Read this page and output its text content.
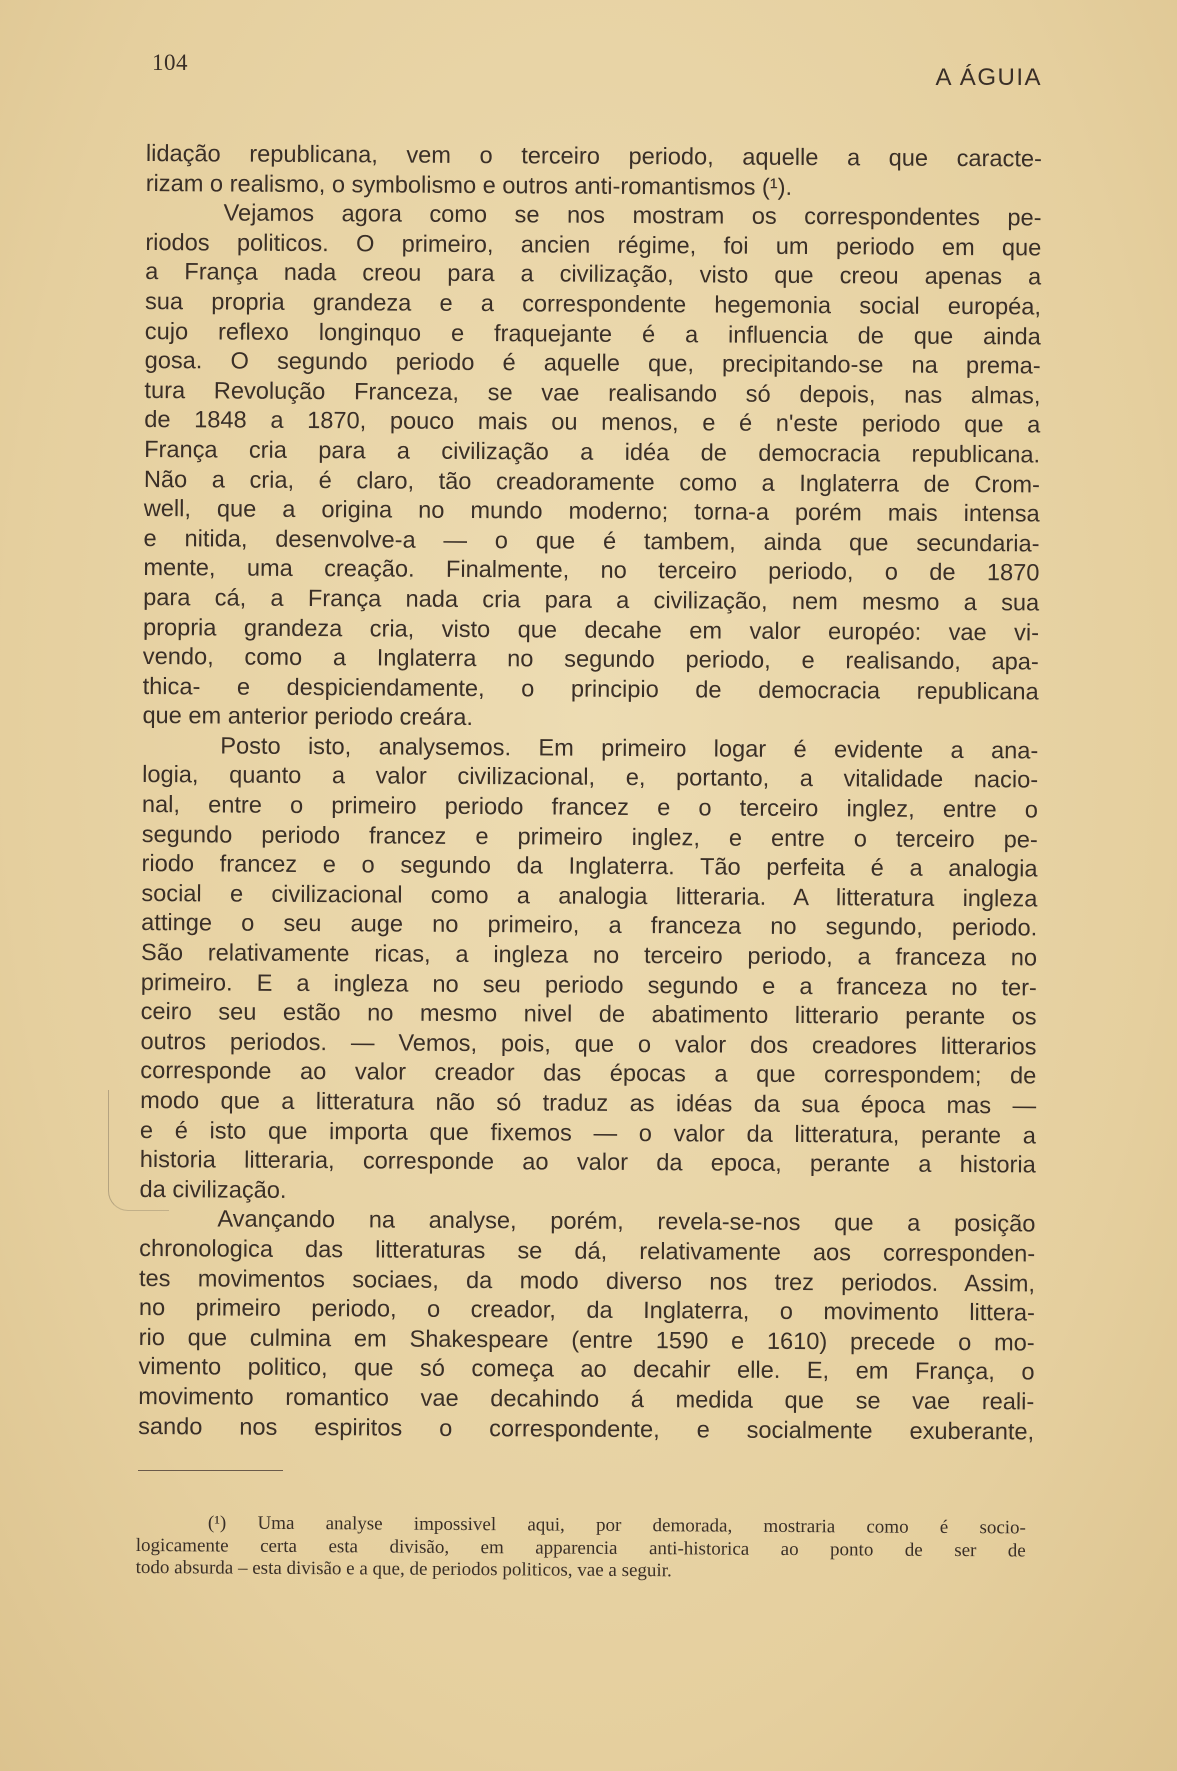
104
A ÁGUIA
lidação republicana, vem o terceiro periodo, aquelle a que caracte-
rizam o realismo, o symbolismo e outros anti-romantismos (¹).
Vejamos agora como se nos mostram os correspondentes pe-
riodos politicos. O primeiro, ancien régime, foi um periodo em que
a França nada creou para a civilização, visto que creou apenas a
sua propria grandeza e a correspondente hegemonia social européa,
cujo reflexo longinquo e fraquejante é a influencia de que ainda
gosa. O segundo periodo é aquelle que, precipitando-se na prema-
tura Revolução Franceza, se vae realisando só depois, nas almas,
de 1848 a 1870, pouco mais ou menos, e é n'este periodo que a
França cria para a civilização a idéa de democracia republicana.
Não a cria, é claro, tão creadoramente como a Inglaterra de Crom-
well, que a origina no mundo moderno; torna-a porém mais intensa
e nitida, desenvolve-a — o que é tambem, ainda que secundaria-
mente, uma creação. Finalmente, no terceiro periodo, o de 1870
para cá, a França nada cria para a civilização, nem mesmo a sua
propria grandeza cria, visto que decahe em valor européo: vae vi-
vendo, como a Inglaterra no segundo periodo, e realisando, apa-
thica- e despiciendamente, o principio de democracia republicana
que em anterior periodo creára.
Posto isto, analysemos. Em primeiro logar é evidente a ana-
logia, quanto a valor civilizacional, e, portanto, a vitalidade nacio-
nal, entre o primeiro periodo francez e o terceiro inglez, entre o
segundo periodo francez e primeiro inglez, e entre o terceiro pe-
riodo francez e o segundo da Inglaterra. Tão perfeita é a analogia
social e civilizacional como a analogia litteraria. A litteratura ingleza
attinge o seu auge no primeiro, a franceza no segundo, periodo.
São relativamente ricas, a ingleza no terceiro periodo, a franceza no
primeiro. E a ingleza no seu periodo segundo e a franceza no ter-
ceiro seu estão no mesmo nivel de abatimento litterario perante os
outros periodos. — Vemos, pois, que o valor dos creadores litterarios
corresponde ao valor creador das épocas a que correspondem; de
modo que a litteratura não só traduz as idéas da sua época mas —
e é isto que importa que fixemos — o valor da litteratura, perante a
historia litteraria, corresponde ao valor da epoca, perante a historia
da civilização.
Avançando na analyse, porém, revela-se-nos que a posição
chronologica das litteraturas se dá, relativamente aos corresponden-
tes movimentos sociaes, da modo diverso nos trez periodos. Assim,
no primeiro periodo, o creador, da Inglaterra, o movimento littera-
rio que culmina em Shakespeare (entre 1590 e 1610) precede o mo-
vimento politico, que só começa ao decahir elle. E, em França, o
movimento romantico vae decahindo á medida que se vae reali-
sando nos espiritos o correspondente, e socialmente exuberante,
(¹) Uma analyse impossivel aqui, por demorada, mostraria como é socio-
logicamente certa esta divisão, em apparencia anti-historica ao ponto de ser de
todo absurda – esta divisão e a que, de periodos politicos, vae a seguir.
